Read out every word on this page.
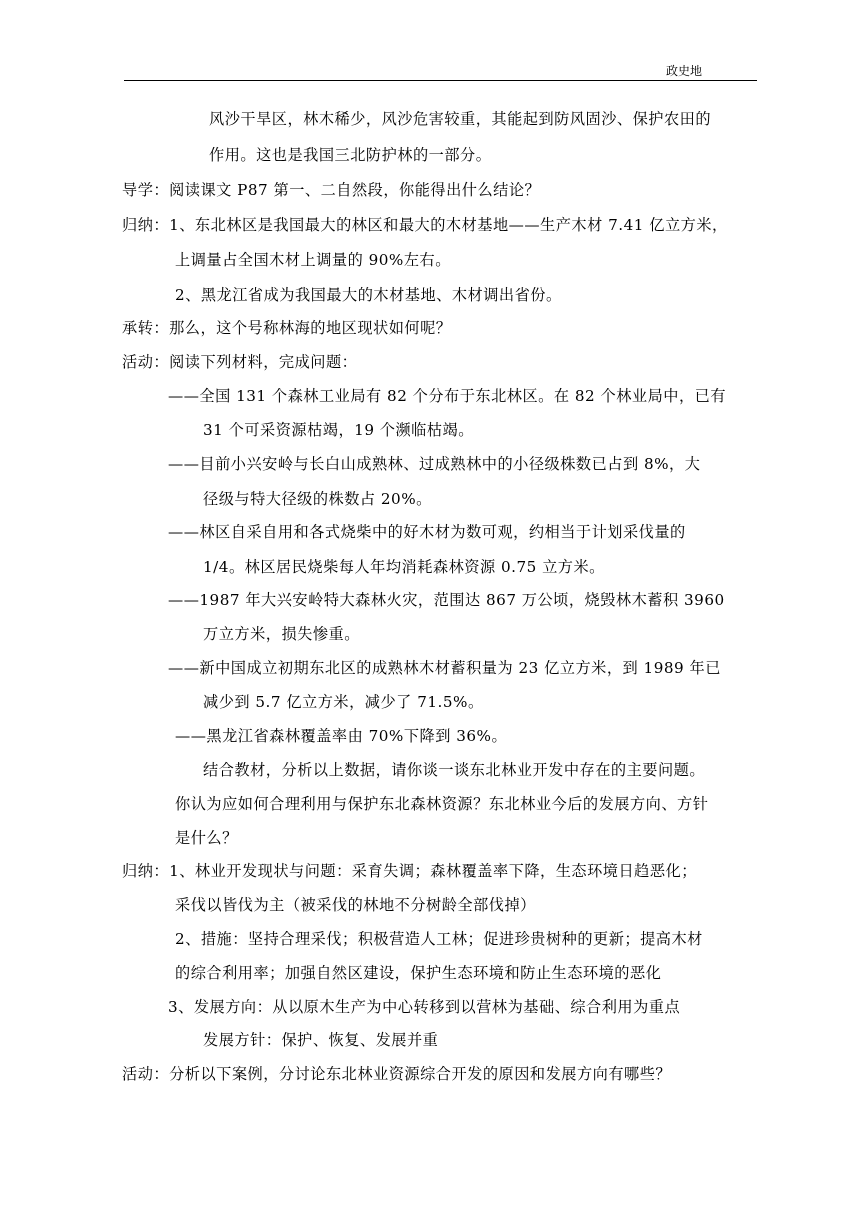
政史地
风沙干旱区，林木稀少，风沙危害较重，其能起到防风固沙、保护农田的
作用。这也是我国三北防护林的一部分。
导学：阅读课文 P87 第一、二自然段，你能得出什么结论？
归纳：1、东北林区是我国最大的林区和最大的木材基地——生产木材 7.41 亿立方米，
上调量占全国木材上调量的 90%左右。
2、黑龙江省成为我国最大的木材基地、木材调出省份。
承转：那么，这个号称林海的地区现状如何呢？
活动：阅读下列材料，完成问题：
——全国 131 个森林工业局有 82 个分布于东北林区。在 82 个林业局中，已有
31 个可采资源枯竭，19 个濒临枯竭。
——目前小兴安岭与长白山成熟林、过成熟林中的小径级株数已占到 8%，大
径级与特大径级的株数占 20%。
——林区自采自用和各式烧柴中的好木材为数可观，约相当于计划采伐量的
1/4。林区居民烧柴每人年均消耗森林资源 0.75 立方米。
——1987 年大兴安岭特大森林火灾，范围达 867 万公顷，烧毁林木蓄积 3960
万立方米，损失惨重。
——新中国成立初期东北区的成熟林木材蓄积量为 23 亿立方米，到 1989 年已
减少到 5.7 亿立方米，减少了 71.5%。
——黑龙江省森林覆盖率由 70%下降到 36%。
结合教材，分析以上数据，请你谈一谈东北林业开发中存在的主要问题。
你认为应如何合理利用与保护东北森林资源？东北林业今后的发展方向、方针
是什么？
归纳：1、林业开发现状与问题：采育失调；森林覆盖率下降，生态环境日趋恶化；
采伐以皆伐为主（被采伐的林地不分树龄全部伐掉）
2、措施：坚持合理采伐；积极营造人工林；促进珍贵树种的更新；提高木材
的综合利用率；加强自然区建设，保护生态环境和防止生态环境的恶化
3、发展方向：从以原木生产为中心转移到以营林为基础、综合利用为重点
发展方针：保护、恢复、发展并重
活动：分析以下案例，分讨论东北林业资源综合开发的原因和发展方向有哪些？
